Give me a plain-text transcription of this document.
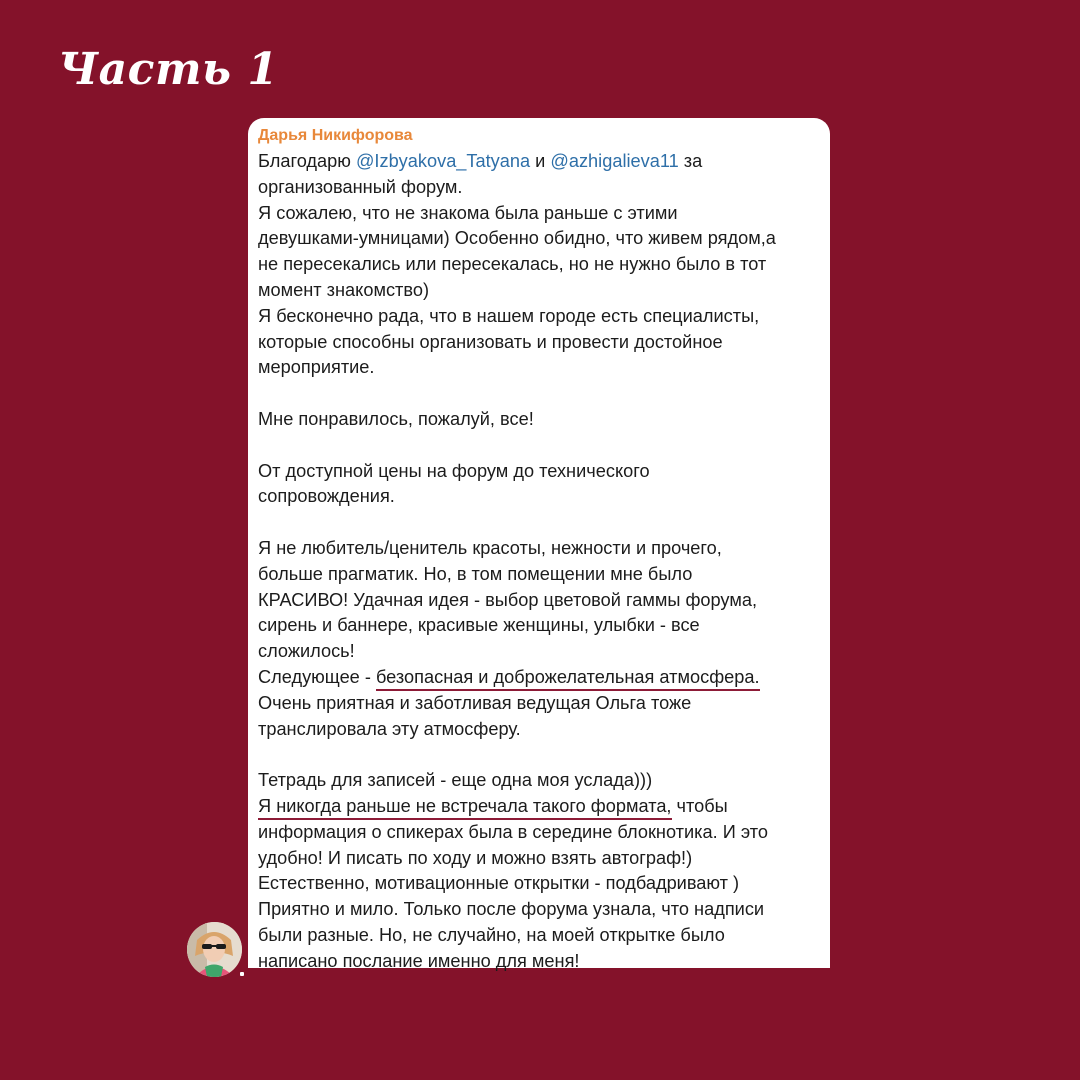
Часть 1
Дарья Никифорова
Благодарю @Izbyakova_Tatyana и @azhigalieva11 за
организованный форум.
Я сожалею, что не знакома была раньше с этими
девушками-умницами) Особенно обидно, что живем рядом,а
не пересекались или пересекалась, но не нужно было в тот
момент знакомство)
Я бесконечно рада, что в нашем городе есть специалисты,
которые способны организовать и провести достойное
мероприятие.
Мне понравилось, пожалуй, все!
От доступной цены на форум до технического
сопровождения.
Я не любитель/ценитель красоты, нежности и прочего,
больше прагматик. Но, в том помещении мне было
КРАСИВО! Удачная идея - выбор цветовой гаммы форума,
сирень и баннере, красивые женщины, улыбки - все
сложилось!
Следующее - безопасная и доброжелательная атмосфера.
Очень приятная и заботливая ведущая Ольга тоже
транслировала эту атмосферу.
Тетрадь для записей - еще одна моя услада)))
Я никогда раньше не встречала такого формата, чтобы
информация о спикерах была в середине блокнотика. И это
удобно! И писать по ходу и можно взять автограф!)
Естественно, мотивационные открытки - подбадривают )
Приятно и мило. Только после форума узнала, что надписи
были разные. Но, не случайно, на моей открытке было
написано послание именно для меня!
